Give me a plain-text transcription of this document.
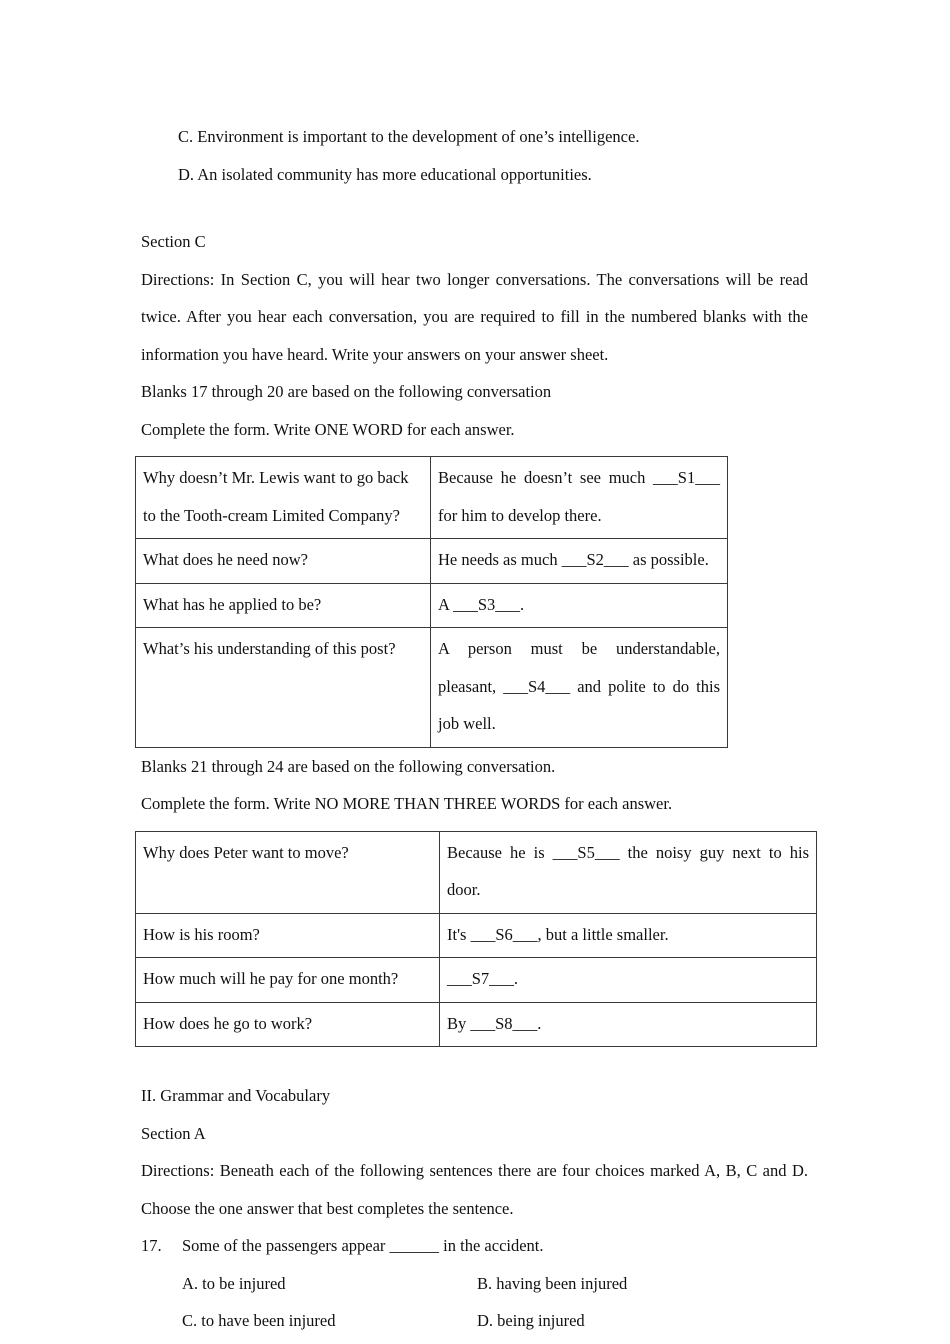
C. Environment is important to the development of one’s intelligence.
D. An isolated community has more educational opportunities.
Section C
Directions: In Section C, you will hear two longer conversations. The conversations will be read twice. After you hear each conversation, you are required to fill in the numbered blanks with the information you have heard. Write your answers on your answer sheet.
Blanks 17 through 20 are based on the following conversation
Complete the form. Write ONE WORD for each answer.
Why doesn’t Mr. Lewis want to go back to the Tooth-cream Limited Company?	Because he doesn’t see much ___S1___ for him to develop there.
What does he need now?	He needs as much ___S2___ as possible.
What has he applied to be?	A ___S3___.
What’s his understanding of this post?	A person must be understandable, pleasant, ___S4___ and polite to do this job well.
Blanks 21 through 24 are based on the following conversation.
Complete the form. Write NO MORE THAN THREE WORDS for each answer.
Why does Peter want to move?	Because he is ___S5___ the noisy guy next to his door.
How is his room?	It's ___S6___, but a little smaller.
How much will he pay for one month?	___S7___.
How does he go to work?	By ___S8___.
II. Grammar and Vocabulary
Section A
Directions: Beneath each of the following sentences there are four choices marked A, B, C and D. Choose the one answer that best completes the sentence.
17. Some of the passengers appear ______ in the accident.
A. to be injured	B. having been injured
C. to have been injured	D. being injured
